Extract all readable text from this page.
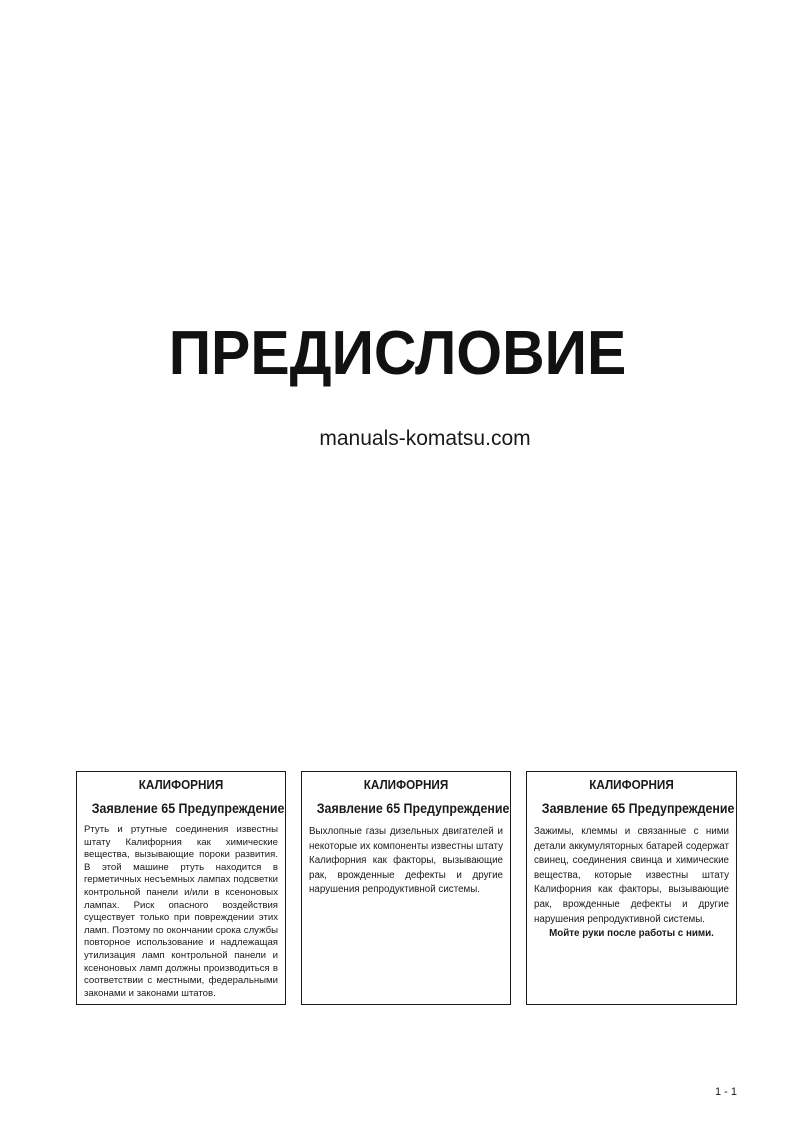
ПРЕДИСЛОВИЕ
manuals-komatsu.com
КАЛИФОРНИЯ
Заявление 65 Предупреждение
Ртуть и ртутные соединения известны штату Калифорния как химические вещества, вызывающие пороки развития. В этой машине ртуть находится в герметичных несъемных лампах подсветки контрольной панели и/или в ксеноновых лампах. Риск опасного воздействия существует только при повреждении этих ламп. Поэтому по окончании срока службы повторное использование и надлежащая утилизация ламп контрольной панели и ксеноновых ламп должны производиться в соответствии с местными, федеральными законами и законами штатов.
КАЛИФОРНИЯ
Заявление 65 Предупреждение
Выхлопные газы дизельных двигателей и некоторые их компоненты известны штату Калифорния как факторы, вызывающие рак, врожденные дефекты и другие нарушения репродуктивной системы.
КАЛИФОРНИЯ
Заявление 65 Предупреждение
Зажимы, клеммы и связанные с ними детали аккумуляторных батарей содержат свинец, соединения свинца и химические вещества, которые известны штату Калифорния как факторы, вызывающие рак, врожденные дефекты и другие нарушения репродуктивной системы.
Мойте руки после работы с ними.
1 - 1
